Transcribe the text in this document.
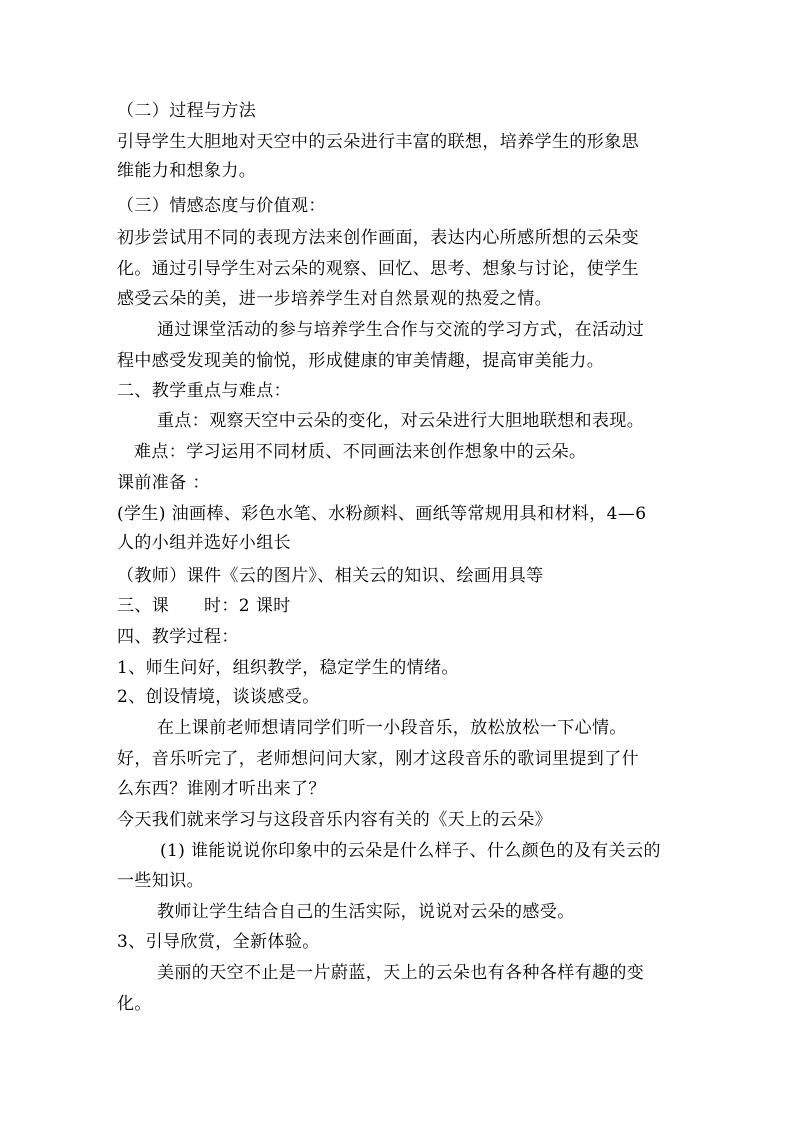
（二）过程与方法
引导学生大胆地对天空中的云朵进行丰富的联想，培养学生的形象思
维能力和想象力。
（三）情感态度与价值观：
初步尝试用不同的表现方法来创作画面，表达内心所感所想的云朵变
化。通过引导学生对云朵的观察、回忆、思考、想象与讨论，使学生
感受云朵的美，进一步培养学生对自然景观的热爱之情。
通过课堂活动的参与培养学生合作与交流的学习方式，在活动过
程中感受发现美的愉悦，形成健康的审美情趣，提高审美能力。
二、教学重点与难点：
重点：观察天空中云朵的变化，对云朵进行大胆地联想和表现。
难点：学习运用不同材质、不同画法来创作想象中的云朵。
课前准备 ：
(学生) 油画棒、彩色水笔、水粉颜料、画纸等常规用具和材料，4—6
人的小组并选好小组长
（教师）课件《云的图片》、相关云的知识、绘画用具等
三、课　　时：2 课时
四、教学过程：
1、师生问好，组织教学，稳定学生的情绪。
2、创设情境，谈谈感受。
在上课前老师想请同学们听一小段音乐，放松放松一下心情。
好，音乐听完了，老师想问问大家，刚才这段音乐的歌词里提到了什
么东西？谁刚才听出来了？
今天我们就来学习与这段音乐内容有关的《天上的云朵》
(1) 谁能说说你印象中的云朵是什么样子、什么颜色的及有关云的
一些知识。
教师让学生结合自己的生活实际，说说对云朵的感受。
3、引导欣赏，全新体验。
美丽的天空不止是一片蔚蓝，天上的云朵也有各种各样有趣的变
化。
